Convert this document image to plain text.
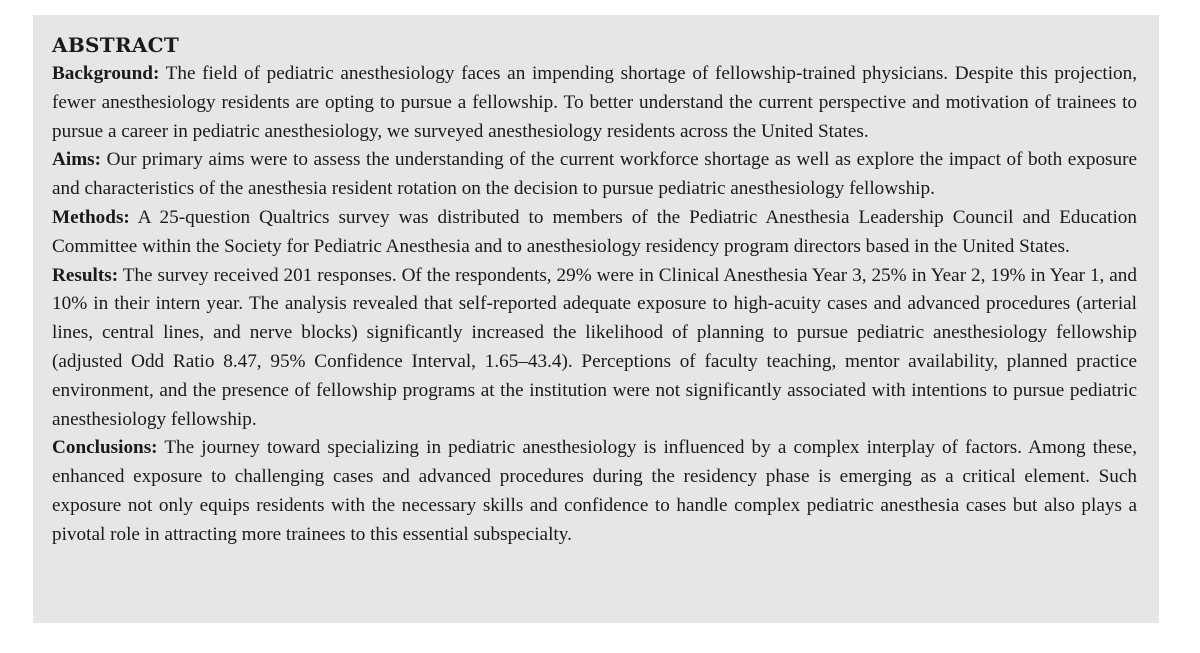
ABSTRACT

Background: The field of pediatric anesthesiology faces an impending shortage of fellowship-trained physicians. Despite this projection, fewer anesthesiology residents are opting to pursue a fellowship. To better understand the current perspective and motivation of trainees to pursue a career in pediatric anesthesiology, we surveyed anesthesiology residents across the United States.

Aims: Our primary aims were to assess the understanding of the current workforce shortage as well as explore the impact of both exposure and characteristics of the anesthesia resident rotation on the decision to pursue pediatric anesthesiology fellowship.

Methods: A 25-question Qualtrics survey was distributed to members of the Pediatric Anesthesia Leadership Council and Education Committee within the Society for Pediatric Anesthesia and to anesthesiology residency program directors based in the United States.

Results: The survey received 201 responses. Of the respondents, 29% were in Clinical Anesthesia Year 3, 25% in Year 2, 19% in Year 1, and 10% in their intern year. The analysis revealed that self-reported adequate exposure to high-acuity cases and advanced procedures (arterial lines, central lines, and nerve blocks) significantly increased the likelihood of planning to pursue pediatric anesthesiology fellowship (adjusted Odd Ratio 8.47, 95% Confidence Interval, 1.65–43.4). Perceptions of faculty teaching, mentor availability, planned practice environment, and the presence of fellowship programs at the institution were not significantly associated with intentions to pursue pediatric anesthesiology fellowship.

Conclusions: The journey toward specializing in pediatric anesthesiology is influenced by a complex interplay of factors. Among these, enhanced exposure to challenging cases and advanced procedures during the residency phase is emerging as a critical element. Such exposure not only equips residents with the necessary skills and confidence to handle complex pediatric anesthesia cases but also plays a pivotal role in attracting more trainees to this essential subspecialty.
